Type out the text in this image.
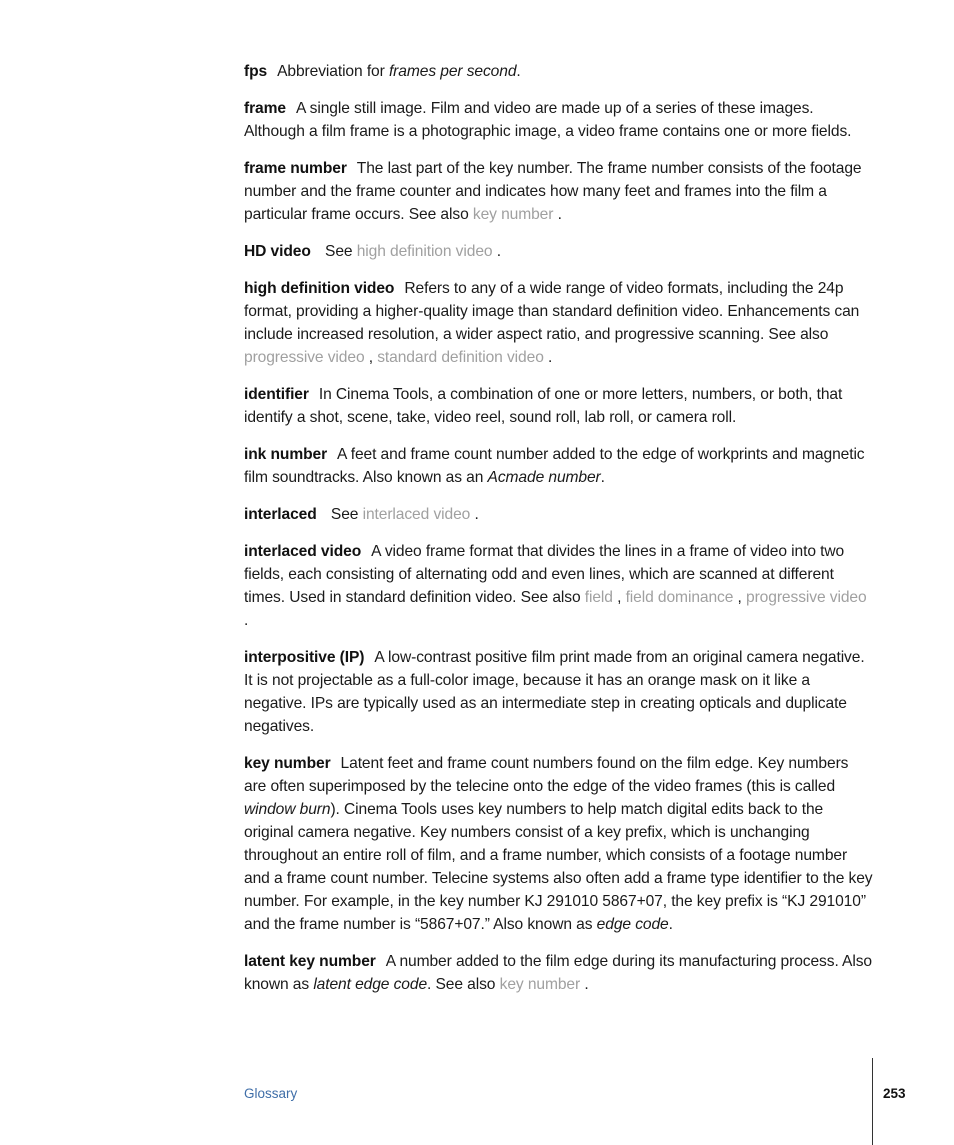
fps Abbreviation for frames per second.

frame A single still image. Film and video are made up of a series of these images. Although a film frame is a photographic image, a video frame contains one or more fields.

frame number The last part of the key number. The frame number consists of the footage number and the frame counter and indicates how many feet and frames into the film a particular frame occurs. See also key number .

HD video See high definition video .

high definition video Refers to any of a wide range of video formats, including the 24p format, providing a higher-quality image than standard definition video. Enhancements can include increased resolution, a wider aspect ratio, and progressive scanning. See also progressive video , standard definition video .

identifier In Cinema Tools, a combination of one or more letters, numbers, or both, that identify a shot, scene, take, video reel, sound roll, lab roll, or camera roll.

ink number A feet and frame count number added to the edge of workprints and magnetic film soundtracks. Also known as an Acmade number.

interlaced See interlaced video .

interlaced video A video frame format that divides the lines in a frame of video into two fields, each consisting of alternating odd and even lines, which are scanned at different times. Used in standard definition video. See also field , field dominance , progressive video .

interpositive (IP) A low-contrast positive film print made from an original camera negative. It is not projectable as a full-color image, because it has an orange mask on it like a negative. IPs are typically used as an intermediate step in creating opticals and duplicate negatives.

key number Latent feet and frame count numbers found on the film edge. Key numbers are often superimposed by the telecine onto the edge of the video frames (this is called window burn). Cinema Tools uses key numbers to help match digital edits back to the original camera negative. Key numbers consist of a key prefix, which is unchanging throughout an entire roll of film, and a frame number, which consists of a footage number and a frame count number. Telecine systems also often add a frame type identifier to the key number. For example, in the key number KJ 291010 5867+07, the key prefix is “KJ 291010” and the frame number is “5867+07.” Also known as edge code.

latent key number A number added to the film edge during its manufacturing process. Also known as latent edge code. See also key number .

Glossary	253
